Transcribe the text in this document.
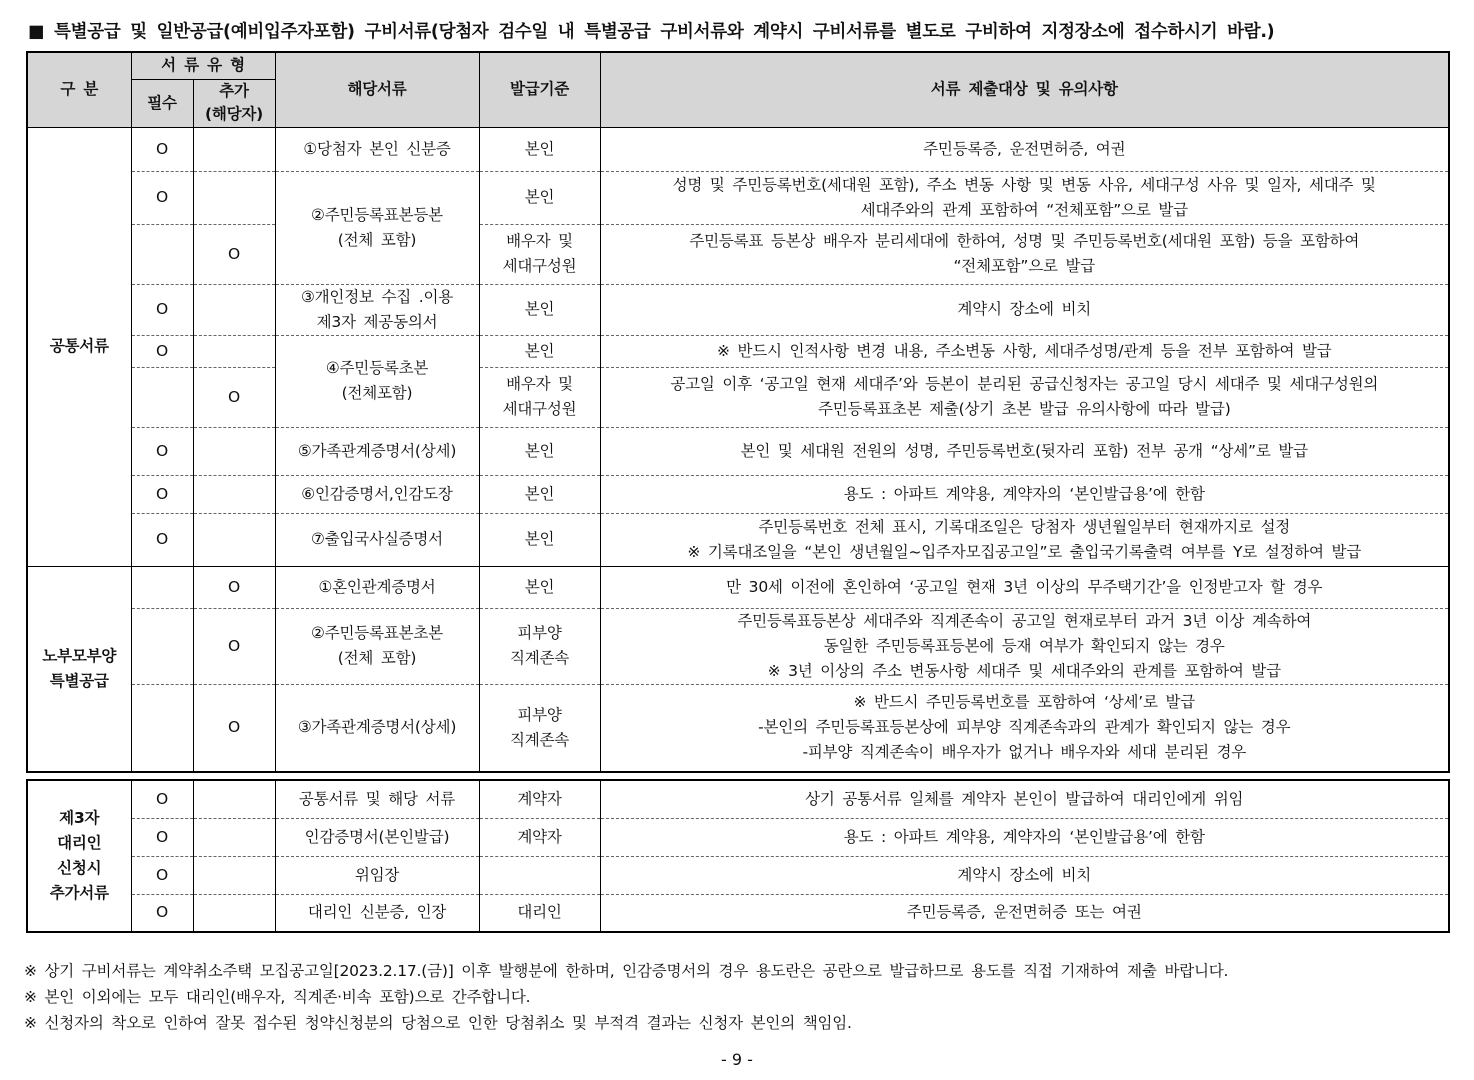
■ 특별공급 및 일반공급(예비입주자포함) 구비서류(당첨자 검수일 내 특별공급 구비서류와 계약시 구비서류를 별도로 구비하여 지정장소에 접수하시기 바람.)
구 분	서 류 유 형		해당서류	발급기준	서류 제출대상 및 유의사항
	필수	추가
(해당자)			
공통서류	O		①당첨자 본인 신분증	본인	주민등록증, 운전면허증, 여권
	O		②주민등록표본등본
(전체 포함)	본인	성명 및 주민등록번호(세대원 포함), 주소 변동 사항 및 변동 사유, 세대구성 사유 및 일자, 세대주 및
세대주와의 관계 포함하여 “전체포함”으로 발급
		O		배우자 및
세대구성원	주민등록표 등본상 배우자 분리세대에 한하여, 성명 및 주민등록번호(세대원 포함) 등을 포함하여
“전체포함”으로 발급
	O		③개인정보 수집 .이용
제3자 제공동의서	본인	계약시 장소에 비치
	O		④주민등록초본
(전체포함)	본인	※ 반드시 인적사항 변경 내용, 주소변동 사항, 세대주성명/관계 등을 전부 포함하여 발급
		O		배우자 및
세대구성원	공고일 이후 ‘공고일 현재 세대주’와 등본이 분리된 공급신청자는 공고일 당시 세대주 및 세대구성원의
주민등록표초본 제출(상기 초본 발급 유의사항에 따라 발급)
	O		⑤가족관계증명서(상세)	본인	본인 및 세대원 전원의 성명, 주민등록번호(뒷자리 포함) 전부 공개 “상세”로 발급
	O		⑥인감증명서,인감도장	본인	용도 : 아파트 계약용, 계약자의 ‘본인발급용’에 한함
	O		⑦출입국사실증명서	본인	주민등록번호 전체 표시, 기록대조일은 당첨자 생년월일부터 현재까지로 설정
※ 기록대조일을 “본인 생년월일~입주자모집공고일”로 출입국기록출력 여부를 Y로 설정하여 발급
노부모부양
특별공급		O	①혼인관계증명서	본인	만 30세 이전에 혼인하여 ‘공고일 현재 3년 이상의 무주택기간’을 인정받고자 할 경우
		O	②주민등록표본초본
(전체 포함)	피부양
직계존속	주민등록표등본상 세대주와 직계존속이 공고일 현재로부터 과거 3년 이상 계속하여
동일한 주민등록표등본에 등재 여부가 확인되지 않는 경우
※ 3년 이상의 주소 변동사항 세대주 및 세대주와의 관계를 포함하여 발급
		O	③가족관계증명서(상세)	피부양
직계존속	※ 반드시 주민등록번호를 포함하여 ‘상세’로 발급
-본인의 주민등록표등본상에 피부양 직계존속과의 관계가 확인되지 않는 경우
-피부양 직계존속이 배우자가 없거나 배우자와 세대 분리된 경우
제3자
대리인
신청시
추가서류	O		공통서류 및 해당 서류	계약자	상기 공통서류 일체를 계약자 본인이 발급하여 대리인에게 위임
	O		인감증명서(본인발급)	계약자	용도 : 아파트 계약용, 계약자의 ‘본인발급용’에 한함
	O		위임장		계약시 장소에 비치
	O		대리인 신분증, 인장	대리인	주민등록증, 운전면허증 또는 여권
※ 상기 구비서류는 계약취소주택 모집공고일[2023.2.17.(금)] 이후 발행분에 한하며, 인감증명서의 경우 용도란은 공란으로 발급하므로 용도를 직접 기재하여 제출 바랍니다.
※ 본인 이외에는 모두 대리인(배우자, 직계존·비속 포함)으로 간주합니다.
※ 신청자의 착오로 인하여 잘못 접수된 청약신청분의 당첨으로 인한 당첨취소 및 부적격 결과는 신청자 본인의 책임임.
- 9 -
